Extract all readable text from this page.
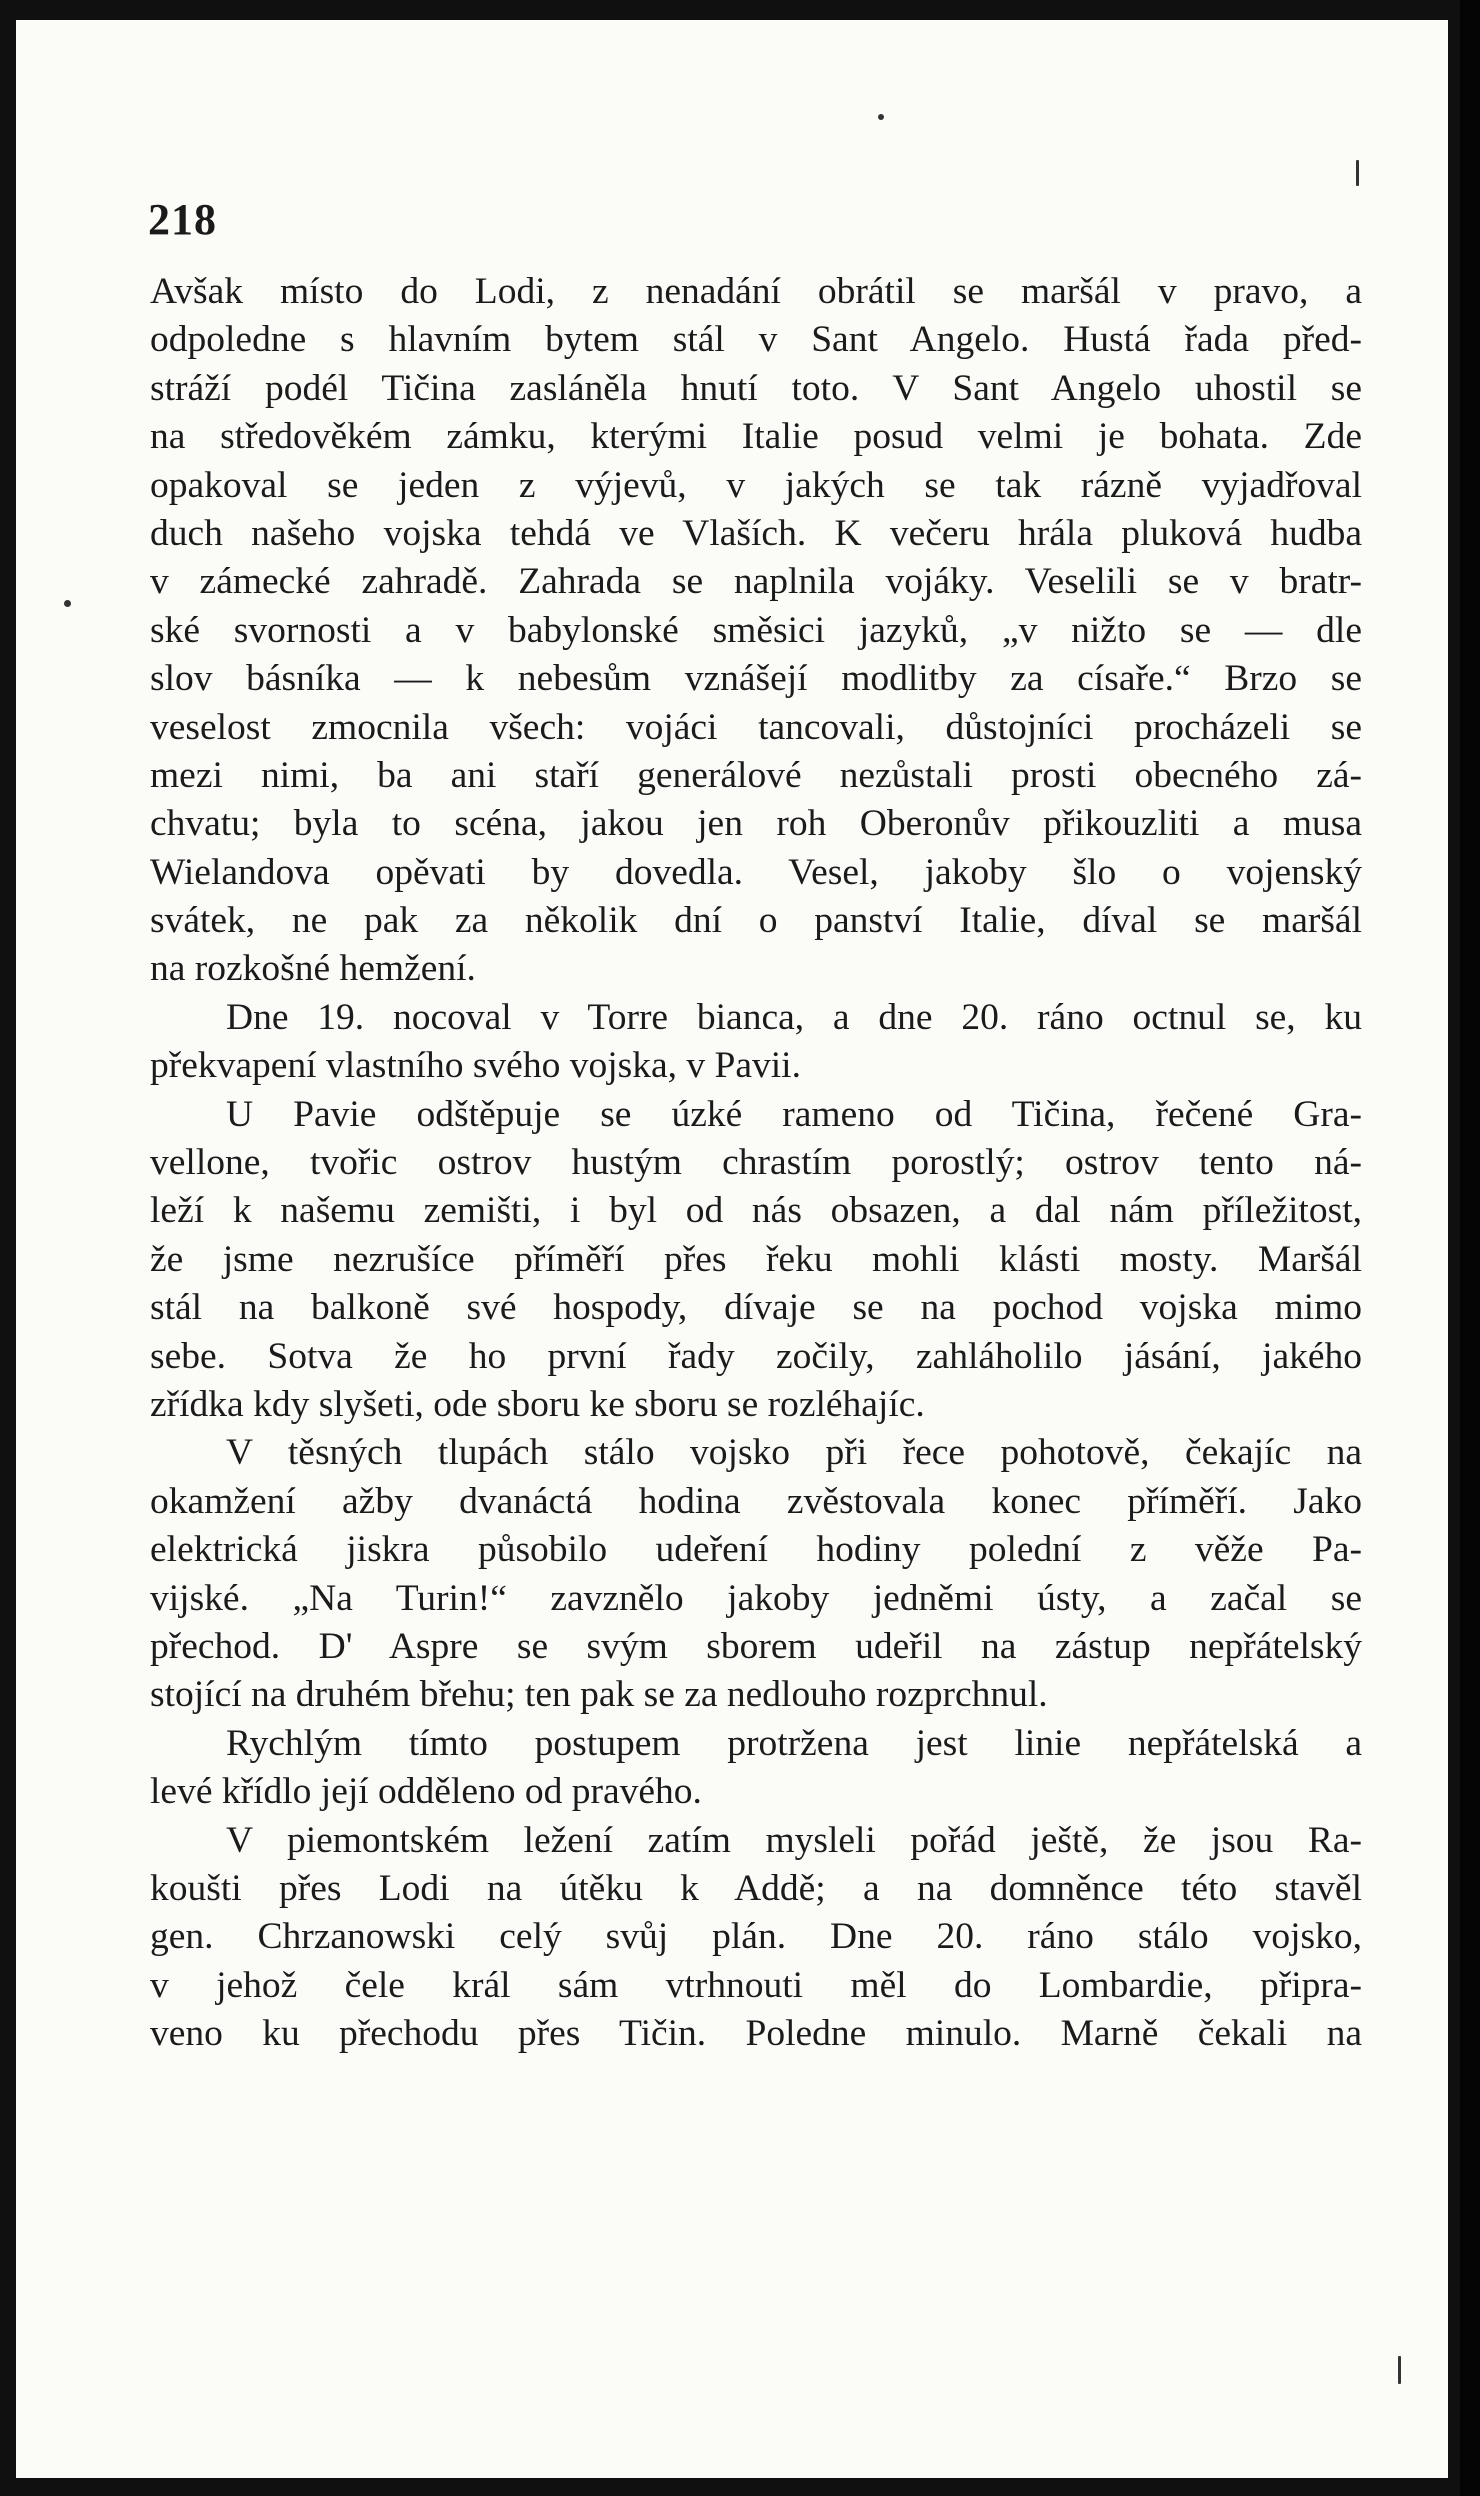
218
Avšak místo do Lodi, z nenadání obrátil se maršál v pravo, a
odpoledne s hlavním bytem stál v Sant Angelo. Hustá řada před-
stráží podél Tičina zasláněla hnutí toto. V Sant Angelo uhostil se
na středověkém zámku, kterými Italie posud velmi je bohata. Zde
opakoval se jeden z výjevů, v jakých se tak rázně vyjadřoval
duch našeho vojska tehdá ve Vlaších. K večeru hrála pluková hudba
v zámecké zahradě. Zahrada se naplnila vojáky. Veselili se v bratr-
ské svornosti a v babylonské směsici jazyků, „v nižto se — dle
slov básníka — k nebesům vznášejí modlitby za císaře.“ Brzo se
veselost zmocnila všech: vojáci tancovali, důstojníci procházeli se
mezi nimi, ba ani staří generálové nezůstali prosti obecného zá-
chvatu; byla to scéna, jakou jen roh Oberonův přikouzliti a musa
Wielandova opěvati by dovedla. Vesel, jakoby šlo o vojenský
svátek, ne pak za několik dní o panství Italie, díval se maršál
na rozkošné hemžení.
Dne 19. nocoval v Torre bianca, a dne 20. ráno octnul se, ku
překvapení vlastního svého vojska, v Pavii.
U Pavie odštěpuje se úzké rameno od Tičina, řečené Gra-
vellone, tvořic ostrov hustým chrastím porostlý; ostrov tento ná-
leží k našemu zemišti, i byl od nás obsazen, a dal nám příležitost,
že jsme nezrušíce příměří přes řeku mohli klásti mosty. Maršál
stál na balkoně své hospody, dívaje se na pochod vojska mimo
sebe. Sotva že ho první řady zočily, zahláholilo jásání, jakého
zřídka kdy slyšeti, ode sboru ke sboru se rozléhajíc.
V těsných tlupách stálo vojsko při řece pohotově, čekajíc na
okamžení ažby dvanáctá hodina zvěstovala konec příměří. Jako
elektrická jiskra působilo udeření hodiny polední z věže Pa-
vijské. „Na Turin!“ zavznělo jakoby jedněmi ústy, a začal se
přechod. D' Aspre se svým sborem udeřil na zástup nepřátelský
stojící na druhém břehu; ten pak se za nedlouho rozprchnul.
Rychlým tímto postupem protržena jest linie nepřátelská a
levé křídlo její odděleno od pravého.
V piemontském ležení zatím mysleli pořád ještě, že jsou Ra-
koušti přes Lodi na útěku k Addě; a na domněnce této stavěl
gen. Chrzanowski celý svůj plán. Dne 20. ráno stálo vojsko,
v jehož čele král sám vtrhnouti měl do Lombardie, připra-
veno ku přechodu přes Tičin. Poledne minulo. Marně čekali na
